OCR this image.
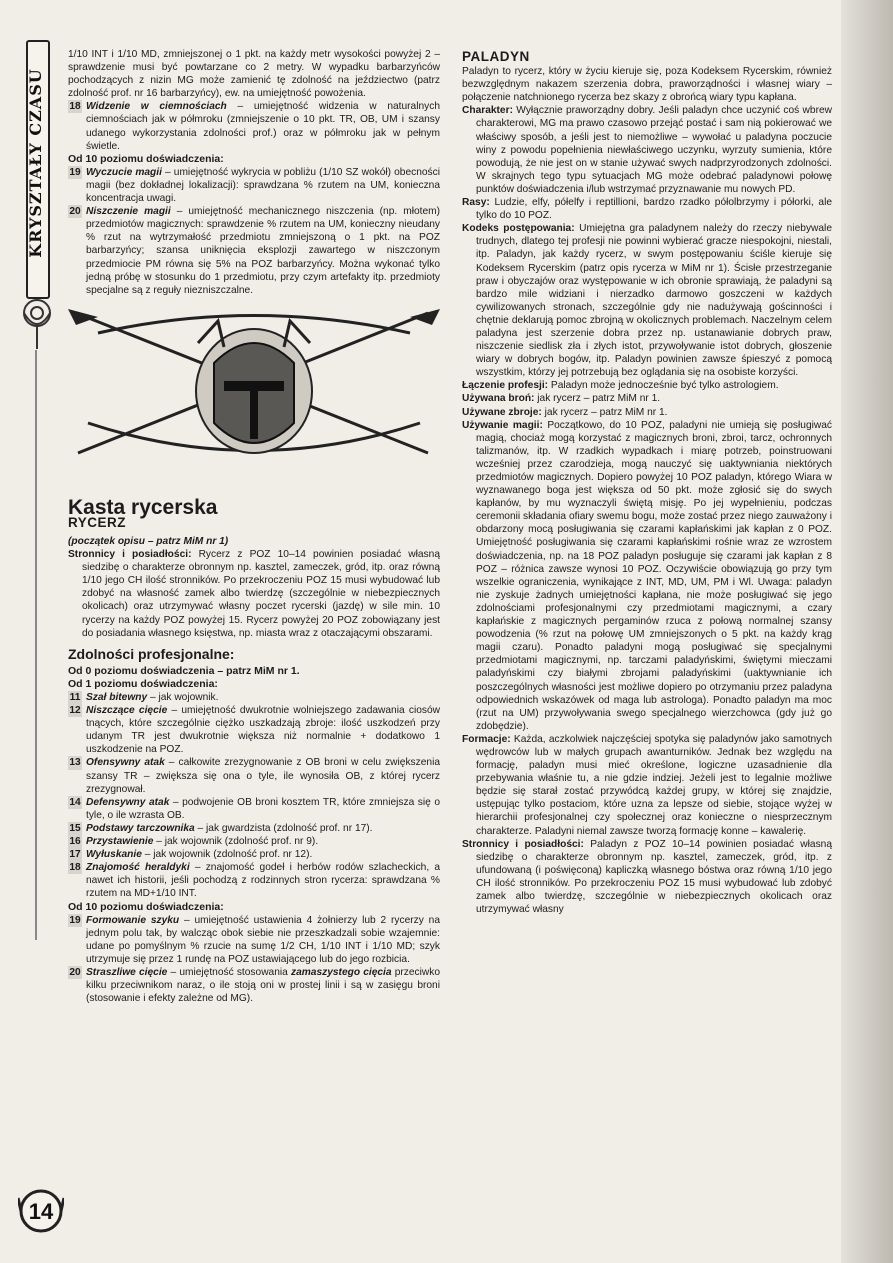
KRYSZTAŁY CZASU

1/10 INT i 1/10 MD, zmniejszonej o 1 pkt. na każdy metr wysokości powyżej 2 – sprawdzenie musi być powtarzane co 2 metry. W wypadku barbarzyńców pochodzących z nizin MG może zamienić tę zdolność na jeździectwo (patrz zdolność prof. nr 16 barbarzyńcy), ew. na umiejętność powożenia.

18 Widzenie w ciemnościach – umiejętność widzenia w naturalnych ciemnościach jak w półmroku (zmniejszenie o 10 pkt. TR, OB, UM i szansy udanego wykorzystania zdolności prof.) oraz w półmroku jak w pełnym świetle.

Od 10 poziomu doświadczenia:

19 Wyczucie magii – umiejętność wykrycia w pobliżu (1/10 SZ wokół) obecności magii (bez dokładnej lokalizacji): sprawdzana % rzutem na UM, konieczna koncentracja uwagi.
20 Niszczenie magii – umiejętność mechanicznego niszczenia (np. młotem) przedmiotów magicznych: sprawdzenie % rzutem na UM, konieczny nieudany % rzut na wytrzymałość przedmiotu zmniejszoną o 1 pkt. na POZ barbarzyńcy; szansa uniknięcia eksplozji zawartego w niszczonym przedmiocie PM równa się 5% na POZ barbarzyńcy. Można wykonać tylko jedną próbę w stosunku do 1 przedmiotu, przy czym artefakty itp. przedmioty specjalne są z reguły niezniszczalne.
Kasta rycerska
RYCERZ

(początek opisu – patrz MiM nr 1)

Stronnicy i posiadłości: Rycerz z POZ 10–14 powinien posiadać własną siedzibę o charakterze obronnym np. kasztel, zameczek, gród, itp. oraz równą 1/10 jego CH ilość stronników. Po przekroczeniu POZ 15 musi wybudować lub zdobyć na własność zamek albo twierdzę (szczególnie w niebezpiecznych okolicach) oraz utrzymywać własny poczet rycerski (jazdę) w sile min. 10 rycerzy na każdy POZ powyżej 15. Rycerz powyżej 20 POZ zobowiązany jest do posiadania własnego księstwa, np. miasta wraz z otaczającymi obszarami.

Zdolności profesjonalne:

Od 0 poziomu doświadczenia – patrz MiM nr 1.

Od 1 poziomu doświadczenia:

11 Szał bitewny – jak wojownik.
12 Niszczące cięcie – umiejętność dwukrotnie wolniejszego zadawania ciosów tnących, które szczególnie ciężko uszkadzają zbroje: ilość uszkodzeń przy udanym TR jest dwukrotnie większa niż normalnie + dodatkowo 1 uszkodzenie na POZ.
13 Ofensywny atak – całkowite zrezygnowanie z OB broni w celu zwiększenia szansy TR – zwiększa się ona o tyle, ile wynosiła OB, z której rycerz zrezygnował.
14 Defensywny atak – podwojenie OB broni kosztem TR, które zmniejsza się o tyle, o ile wzrasta OB.
15 Podstawy tarczownika – jak gwardzista (zdolność prof. nr 17).
16 Przystawienie – jak wojownik (zdolność prof. nr 9).
17 Wyłuskanie – jak wojownik (zdolność prof. nr 12).
18 Znajomość heraldyki – znajomość godeł i herbów rodów szlacheckich, a nawet ich historii, jeśli pochodzą z rodzinnych stron rycerza: sprawdzana % rzutem na MD+1/10 INT.

Od 10 poziomu doświadczenia:

19 Formowanie szyku – umiejętność ustawienia 4 żołnierzy lub 2 rycerzy na jednym polu tak, by walcząc obok siebie nie przeszkadzali sobie wzajemnie: udane po pomyślnym % rzucie na sumę 1/2 CH, 1/10 INT i 1/10 MD; szyk utrzymuje się przez 1 rundę na POZ ustawiającego lub do jego rozbicia.
20 Straszliwe cięcie – umiejętność stosowania zamaszystego cięcia przeciwko kilku przeciwnikom naraz, o ile stoją oni w prostej linii i są w zasięgu broni (stosowanie i efekty zależne od MG).
PALADYN

Paladyn to rycerz, który w życiu kieruje się, poza Kodeksem Rycerskim, również bezwzględnym nakazem szerzenia dobra, praworządności i własnej wiary – połączenie natchnionego rycerza bez skazy z obrońcą wiary typu kapłana.

Charakter: Wyłącznie praworządny dobry. Jeśli paladyn chce uczynić coś wbrew charakterowi, MG ma prawo czasowo przejąć postać i sam nią pokierować we właściwy sposób, a jeśli jest to niemożliwe – wywołać u paladyna poczucie winy z powodu popełnienia niewłaściwego uczynku, wyrzuty sumienia, które powodują, że nie jest on w stanie używać swych nadprzyrodzonych zdolności. W skrajnych tego typu sytuacjach MG może odebrać paladynowi połowę punktów doświadczenia i/lub wstrzymać przyznawanie mu nowych PD.

Rasy: Ludzie, elfy, półelfy i reptillioni, bardzo rzadko półolbrzymy i półorki, ale tylko do 10 POZ.

Kodeks postępowania: Umiejętna gra paladynem należy do rzeczy niebywale trudnych, dlatego tej profesji nie powinni wybierać gracze niespokojni, niestali, itp. Paladyn, jak każdy rycerz, w swym postępowaniu ściśle kieruje się Kodeksem Rycerskim (patrz opis rycerza w MiM nr 1). Ścisłe przestrzeganie praw i obyczajów oraz występowanie w ich obronie sprawiają, że paladyni są bardzo mile widziani i nierzadko darmowo goszczeni w każdych cywilizowanych stronach, szczególnie gdy nie nadużywają gościnności i chętnie deklarują pomoc zbrojną w okolicznych problemach. Naczelnym celem paladyna jest szerzenie dobra przez np. ustanawianie dobrych praw, niszczenie siedlisk zła i złych istot, przywoływanie istot dobrych, głoszenie wiary w dobrych bogów, itp. Paladyn powinien zawsze śpieszyć z pomocą wszystkim, którzy jej potrzebują bez oglądania się na osobiste korzyści.

Łączenie profesji: Paladyn może jednocześnie być tylko astrologiem.

Używana broń: jak rycerz – patrz MiM nr 1.

Używane zbroje: jak rycerz – patrz MiM nr 1.

Używanie magii: Początkowo, do 10 POZ, paladyni nie umieją się posługiwać magią, chociaż mogą korzystać z magicznych broni, zbroi, tarcz, ochronnych talizmanów, itp. W rzadkich wypadkach i miarę potrzeb, poinstruowani wcześniej przez czarodzieja, mogą nauczyć się uaktywniania niektórych przedmiotów magicznych. Dopiero powyżej 10 POZ paladyn, którego Wiara w wyznawanego boga jest większa od 50 pkt. może zgłosić się do swych kapłanów, by mu wyznaczyli świętą misję. Po jej wypełnieniu, podczas ceremonii składania ofiary swemu bogu, może zostać przez niego zauważony i obdarzony mocą posługiwania się czarami kapłańskimi jak kapłan z 0 POZ. Umiejętność posługiwania się czarami kapłańskimi rośnie wraz ze wzrostem doświadczenia, np. na 18 POZ paladyn posługuje się czarami jak kapłan z 8 POZ – różnica zawsze wynosi 10 POZ. Oczywiście obowiązują go przy tym wszelkie ograniczenia, wynikające z INT, MD, UM, PM i Wl. Uwaga: paladyn nie zyskuje żadnych umiejętności kapłana, nie może posługiwać się jego zdolnościami profesjonalnymi czy przedmiotami magicznymi, a czary kapłańskie z magicznych pergaminów rzuca z połową normalnej szansy powodzenia (% rzut na połowę UM zmniejszonych o 5 pkt. na każdy krąg magii czaru). Ponadto paladyni mogą posługiwać się specjalnymi przedmiotami magicznymi, np. tarczami paladyńskimi, świętymi mieczami paladyńskimi czy białymi zbrojami paladyńskimi (uaktywnianie ich poszczególnych własności jest możliwe dopiero po otrzymaniu przez paladyna odpowiednich wskazówek od maga lub astrologa). Ponadto paladyn ma moc (rzut na UM) przywoływania swego specjalnego wierzchowca (gdy już go zdobędzie).

Formacje: Każda, aczkolwiek najczęściej spotyka się paladynów jako samotnych wędrowców lub w małych grupach awanturników. Jednak bez względu na formację, paladyn musi mieć określone, logiczne uzasadnienie dla przebywania właśnie tu, a nie gdzie indziej. Jeżeli jest to legalnie możliwe będzie się starał zostać przywódcą każdej grupy, w której się znajdzie, ustępując tylko postaciom, które uzna za lepsze od siebie, stojące wyżej w hierarchii profesjonalnej czy społecznej oraz konieczne o niesprzecznym charakterze. Paladyni niemal zawsze tworzą formację konne – kawalerię.

Stronnicy i posiadłości: Paladyn z POZ 10–14 powinien posiadać własną siedzibę o charakterze obronnym np. kasztel, zameczek, gród, itp. z ufundowaną (i poświęconą) kapliczką własnego bóstwa oraz równą 1/10 jego CH ilość stronników. Po przekroczeniu POZ 15 musi wybudować lub zdobyć zamek albo twierdzę, szczególnie w niebezpiecznych okolicach oraz utrzymywać własny

14
